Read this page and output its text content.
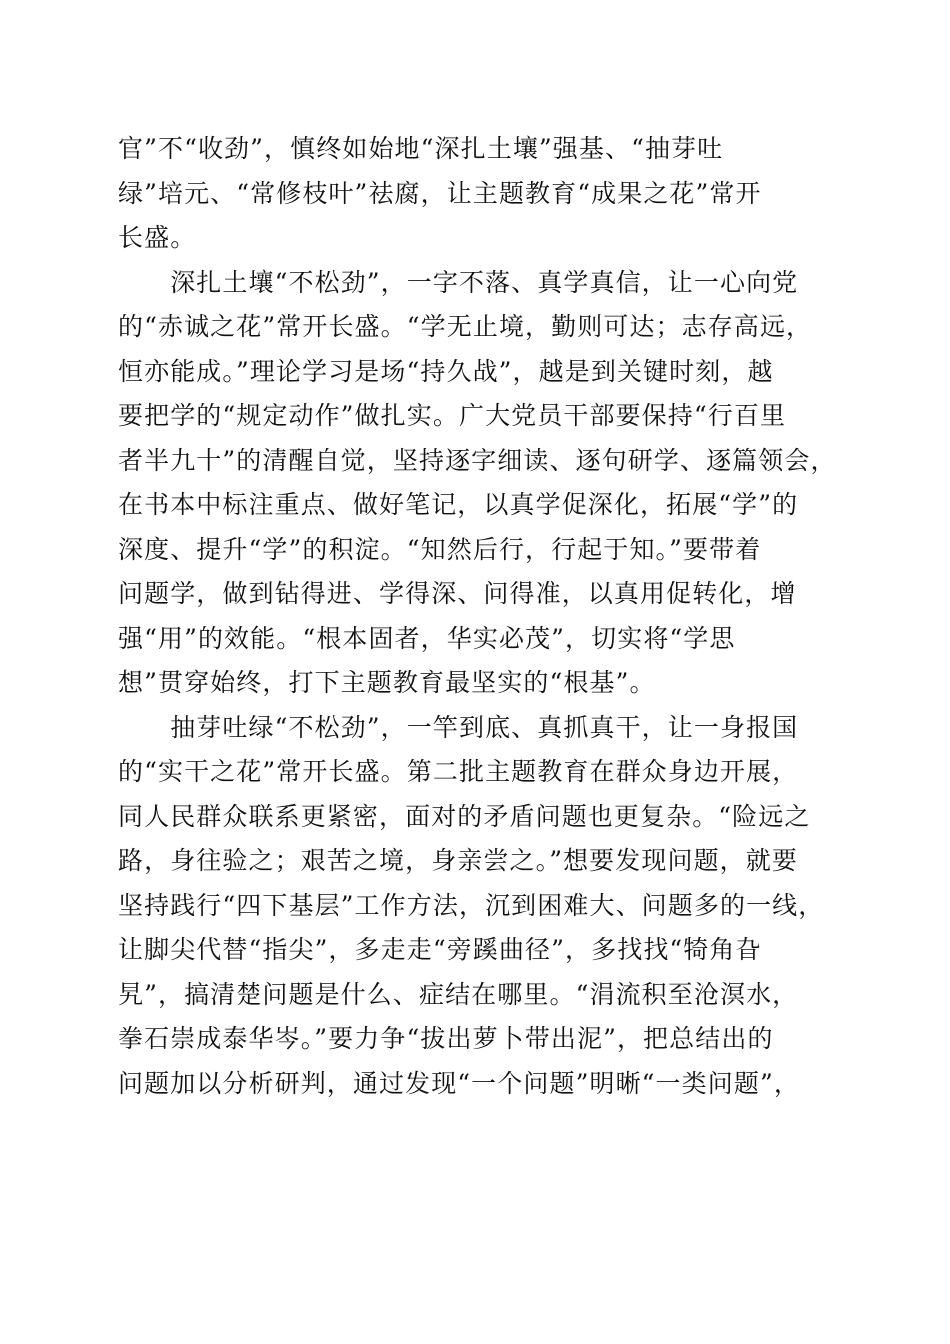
官”不“收劲”，慎终如始地“深扎土壤”强基、“抽芽吐
绿”培元、“常修枝叶”祛腐，让主题教育“成果之花”常开
长盛。
　　深扎土壤“不松劲”，一字不落、真学真信，让一心向党
的“赤诚之花”常开长盛。“学无止境，勤则可达；志存高远，
恒亦能成。”理论学习是场“持久战”，越是到关键时刻，越
要把学的“规定动作”做扎实。广大党员干部要保持“行百里
者半九十”的清醒自觉，坚持逐字细读、逐句研学、逐篇领会，
在书本中标注重点、做好笔记，以真学促深化，拓展“学”的
深度、提升“学”的积淀。“知然后行，行起于知。”要带着
问题学，做到钻得进、学得深、问得准，以真用促转化，增
强“用”的效能。“根本固者，华实必茂”，切实将“学思
想”贯穿始终，打下主题教育最坚实的“根基”。
　　抽芽吐绿“不松劲”，一竿到底、真抓真干，让一身报国
的“实干之花”常开长盛。第二批主题教育在群众身边开展，
同人民群众联系更紧密，面对的矛盾问题也更复杂。“险远之
路，身往验之；艰苦之境，身亲尝之。”想要发现问题，就要
坚持践行“四下基层”工作方法，沉到困难大、问题多的一线，
让脚尖代替“指尖”，多走走“旁蹊曲径”，多找找“犄角旮
旯”，搞清楚问题是什么、症结在哪里。“涓流积至沧溟水，
拳石崇成泰华岑。”要力争“拔出萝卜带出泥”，把总结出的
问题加以分析研判，通过发现“一个问题”明晰“一类问题”，
